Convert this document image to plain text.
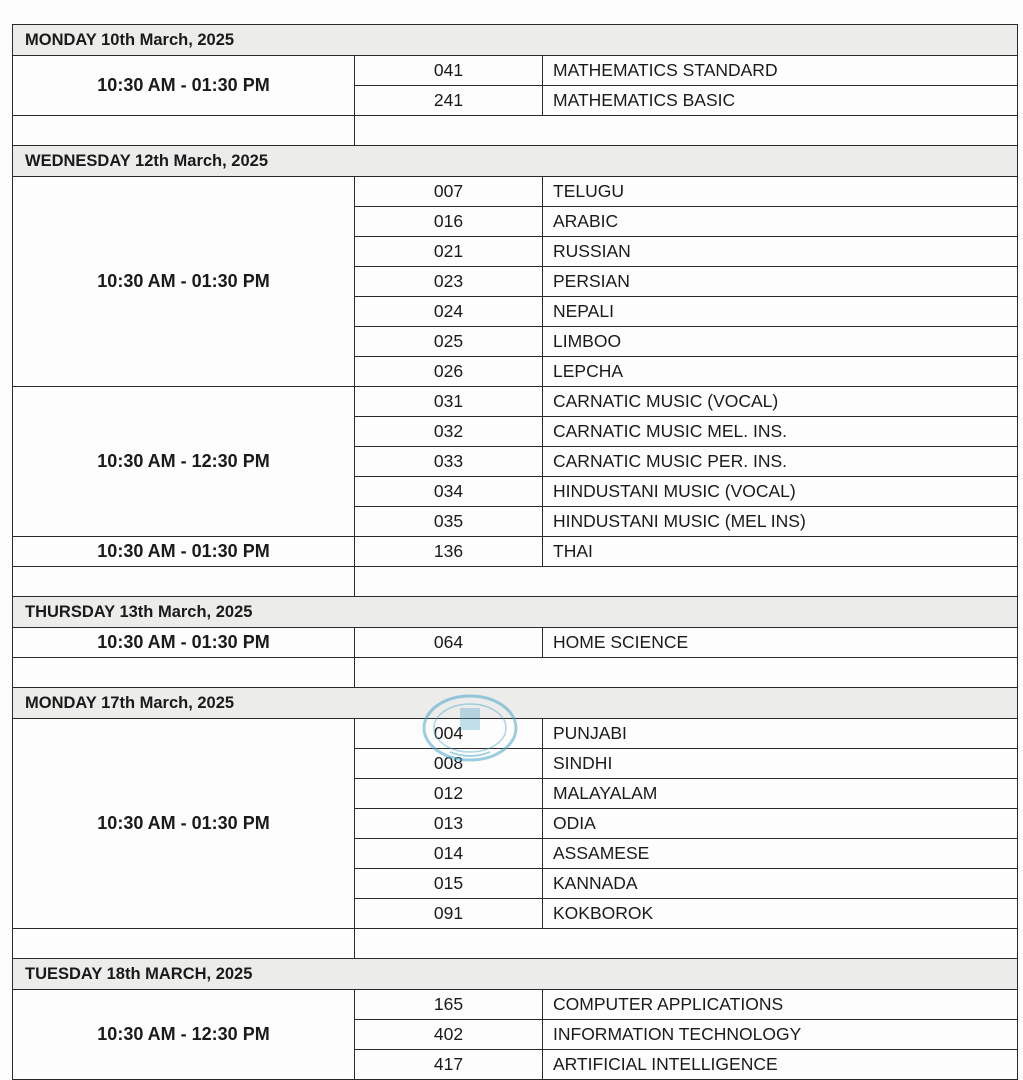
MONDAY 10th March, 2025		
10:30 AM - 01:30 PM	041	MATHEMATICS STANDARD
	241	MATHEMATICS BASIC

WEDNESDAY 12th March, 2025		
10:30 AM - 01:30 PM	007	TELUGU
	016	ARABIC
	021	RUSSIAN
	023	PERSIAN
	024	NEPALI
	025	LIMBOO
	026	LEPCHA
10:30 AM - 12:30 PM	031	CARNATIC MUSIC (VOCAL)
	032	CARNATIC MUSIC MEL. INS.
	033	CARNATIC MUSIC PER. INS.
	034	HINDUSTANI MUSIC (VOCAL)
	035	HINDUSTANI MUSIC (MEL INS)
10:30 AM - 01:30 PM	136	THAI

THURSDAY 13th March, 2025		
10:30 AM - 01:30 PM	064	HOME SCIENCE

MONDAY 17th March, 2025		
10:30 AM - 01:30 PM	004	PUNJABI
	008	SINDHI
	012	MALAYALAM
	013	ODIA
	014	ASSAMESE
	015	KANNADA
	091	KOKBOROK

TUESDAY 18th MARCH, 2025		
10:30 AM - 12:30 PM	165	COMPUTER APPLICATIONS
	402	INFORMATION TECHNOLOGY
	417	ARTIFICIAL INTELLIGENCE
